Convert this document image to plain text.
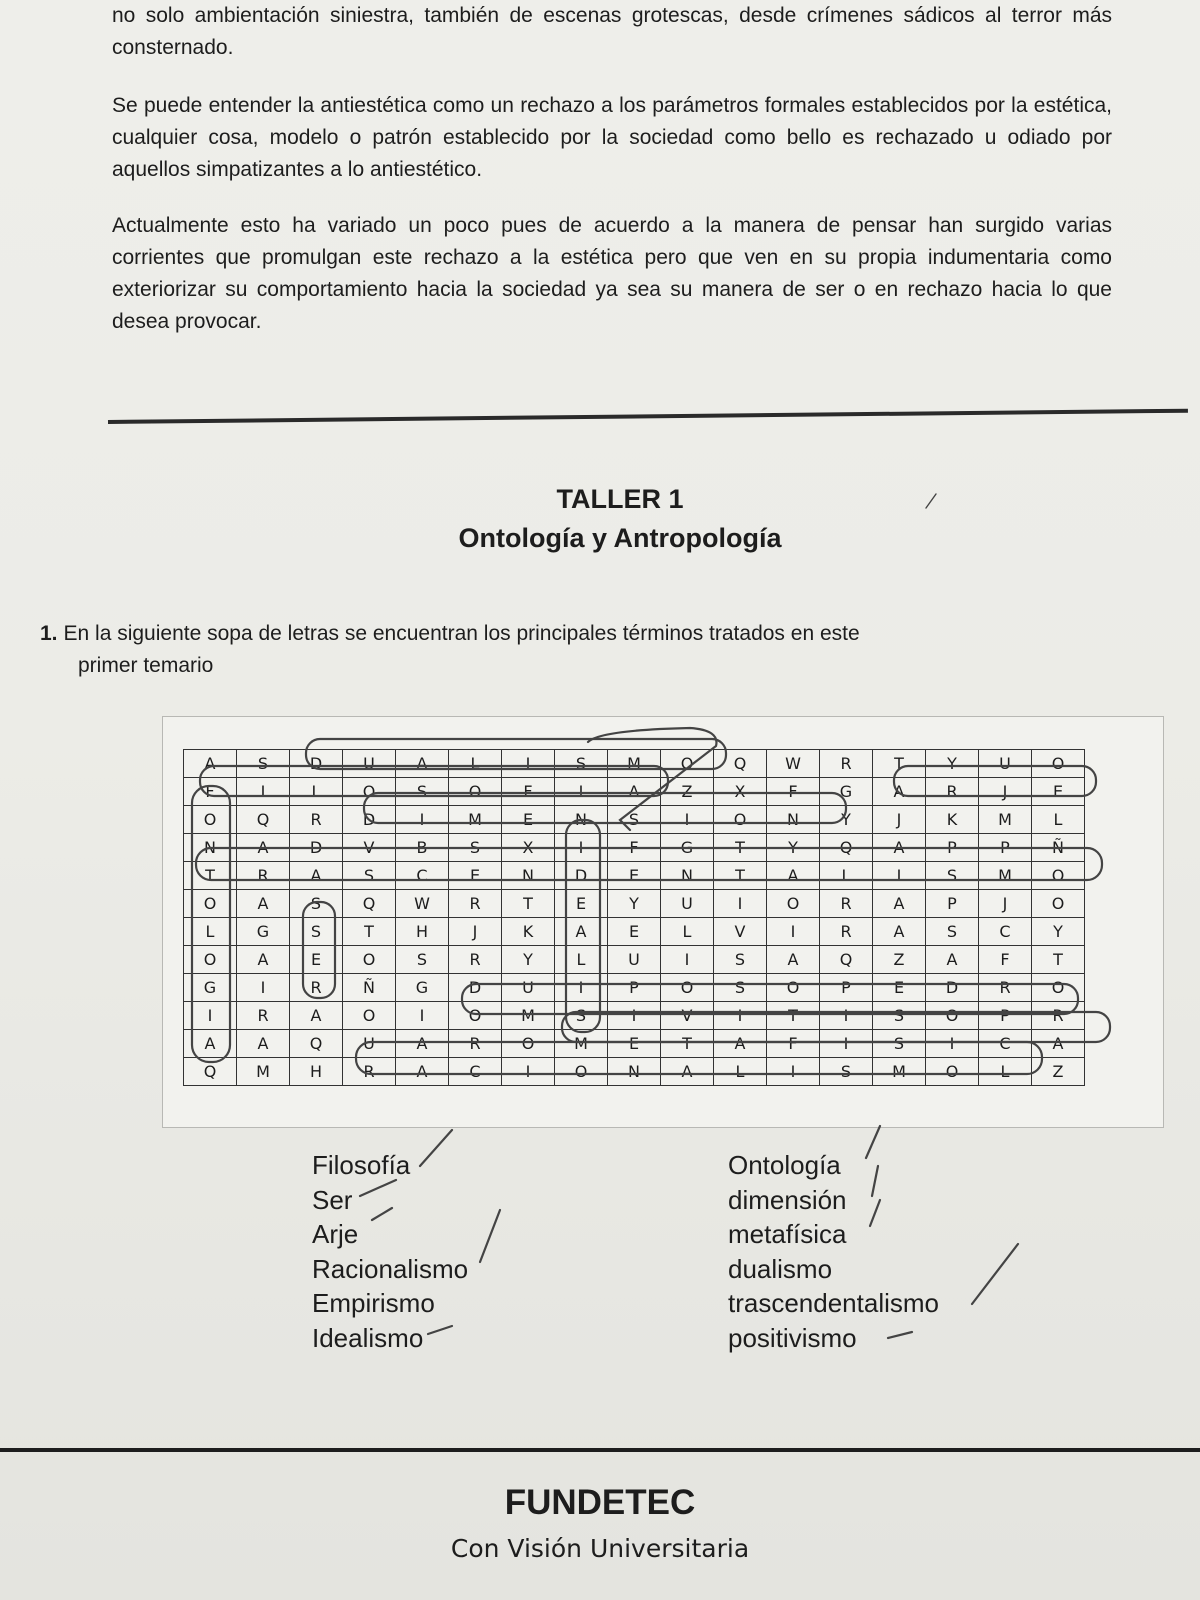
no solo ambientación siniestra, también de escenas grotescas, desde crímenes sádicos al terror más consternado.

Se puede entender la antiestética como un rechazo a los parámetros formales establecidos por la estética, cualquier cosa, modelo o patrón establecido por la sociedad como bello es rechazado u odiado por aquellos simpatizantes a lo antiestético.

Actualmente esto ha variado un poco pues de acuerdo a la manera de pensar han surgido varias corrientes que promulgan este rechazo a la estética pero que ven en su propia indumentaria como exteriorizar su comportamiento hacia la sociedad ya sea su manera de ser o en rechazo hacia lo que desea provocar.

TALLER 1
Ontología y Antropología
1. En la siguiente sopa de letras se encuentran los principales términos tratados en este
primer temario
A	S	D	U	A	L	I	S	M	O	Q	W	R	T	Y	U	O
F	I	L	O	S	O	F	I	A	Z	X	F	G	A	R	J	E
O	Q	R	D	I	M	E	N	S	I	O	N	Y	J	K	M	L
N	A	D	V	B	S	X	I	F	G	T	Y	Q	A	P	P	Ñ
T	R	A	S	C	E	N	D	E	N	T	A	L	I	S	M	O
O	A	S	Q	W	R	T	E	Y	U	I	O	R	A	P	J	O
L	G	S	T	H	J	K	A	E	L	V	I	R	A	S	C	Y
O	A	E	O	S	R	Y	L	U	I	S	A	Q	Z	A	F	T
G	I	R	Ñ	G	D	U	I	P	O	S	O	P	E	D	R	O
I	R	A	O	I	O	M	S	I	V	I	T	I	S	O	P	R
A	A	Q	U	A	R	O	M	E	T	A	F	I	S	I	C	A
Q	M	H	R	A	C	I	O	N	A	L	I	S	M	O	L	Z
Filosofía
Ser
Arje
Racionalismo
Empirismo
Idealismo
Ontología
dimensión
metafísica
dualismo
trascendentalismo
positivismo
FUNDETEC
Con Visión Universitaria
